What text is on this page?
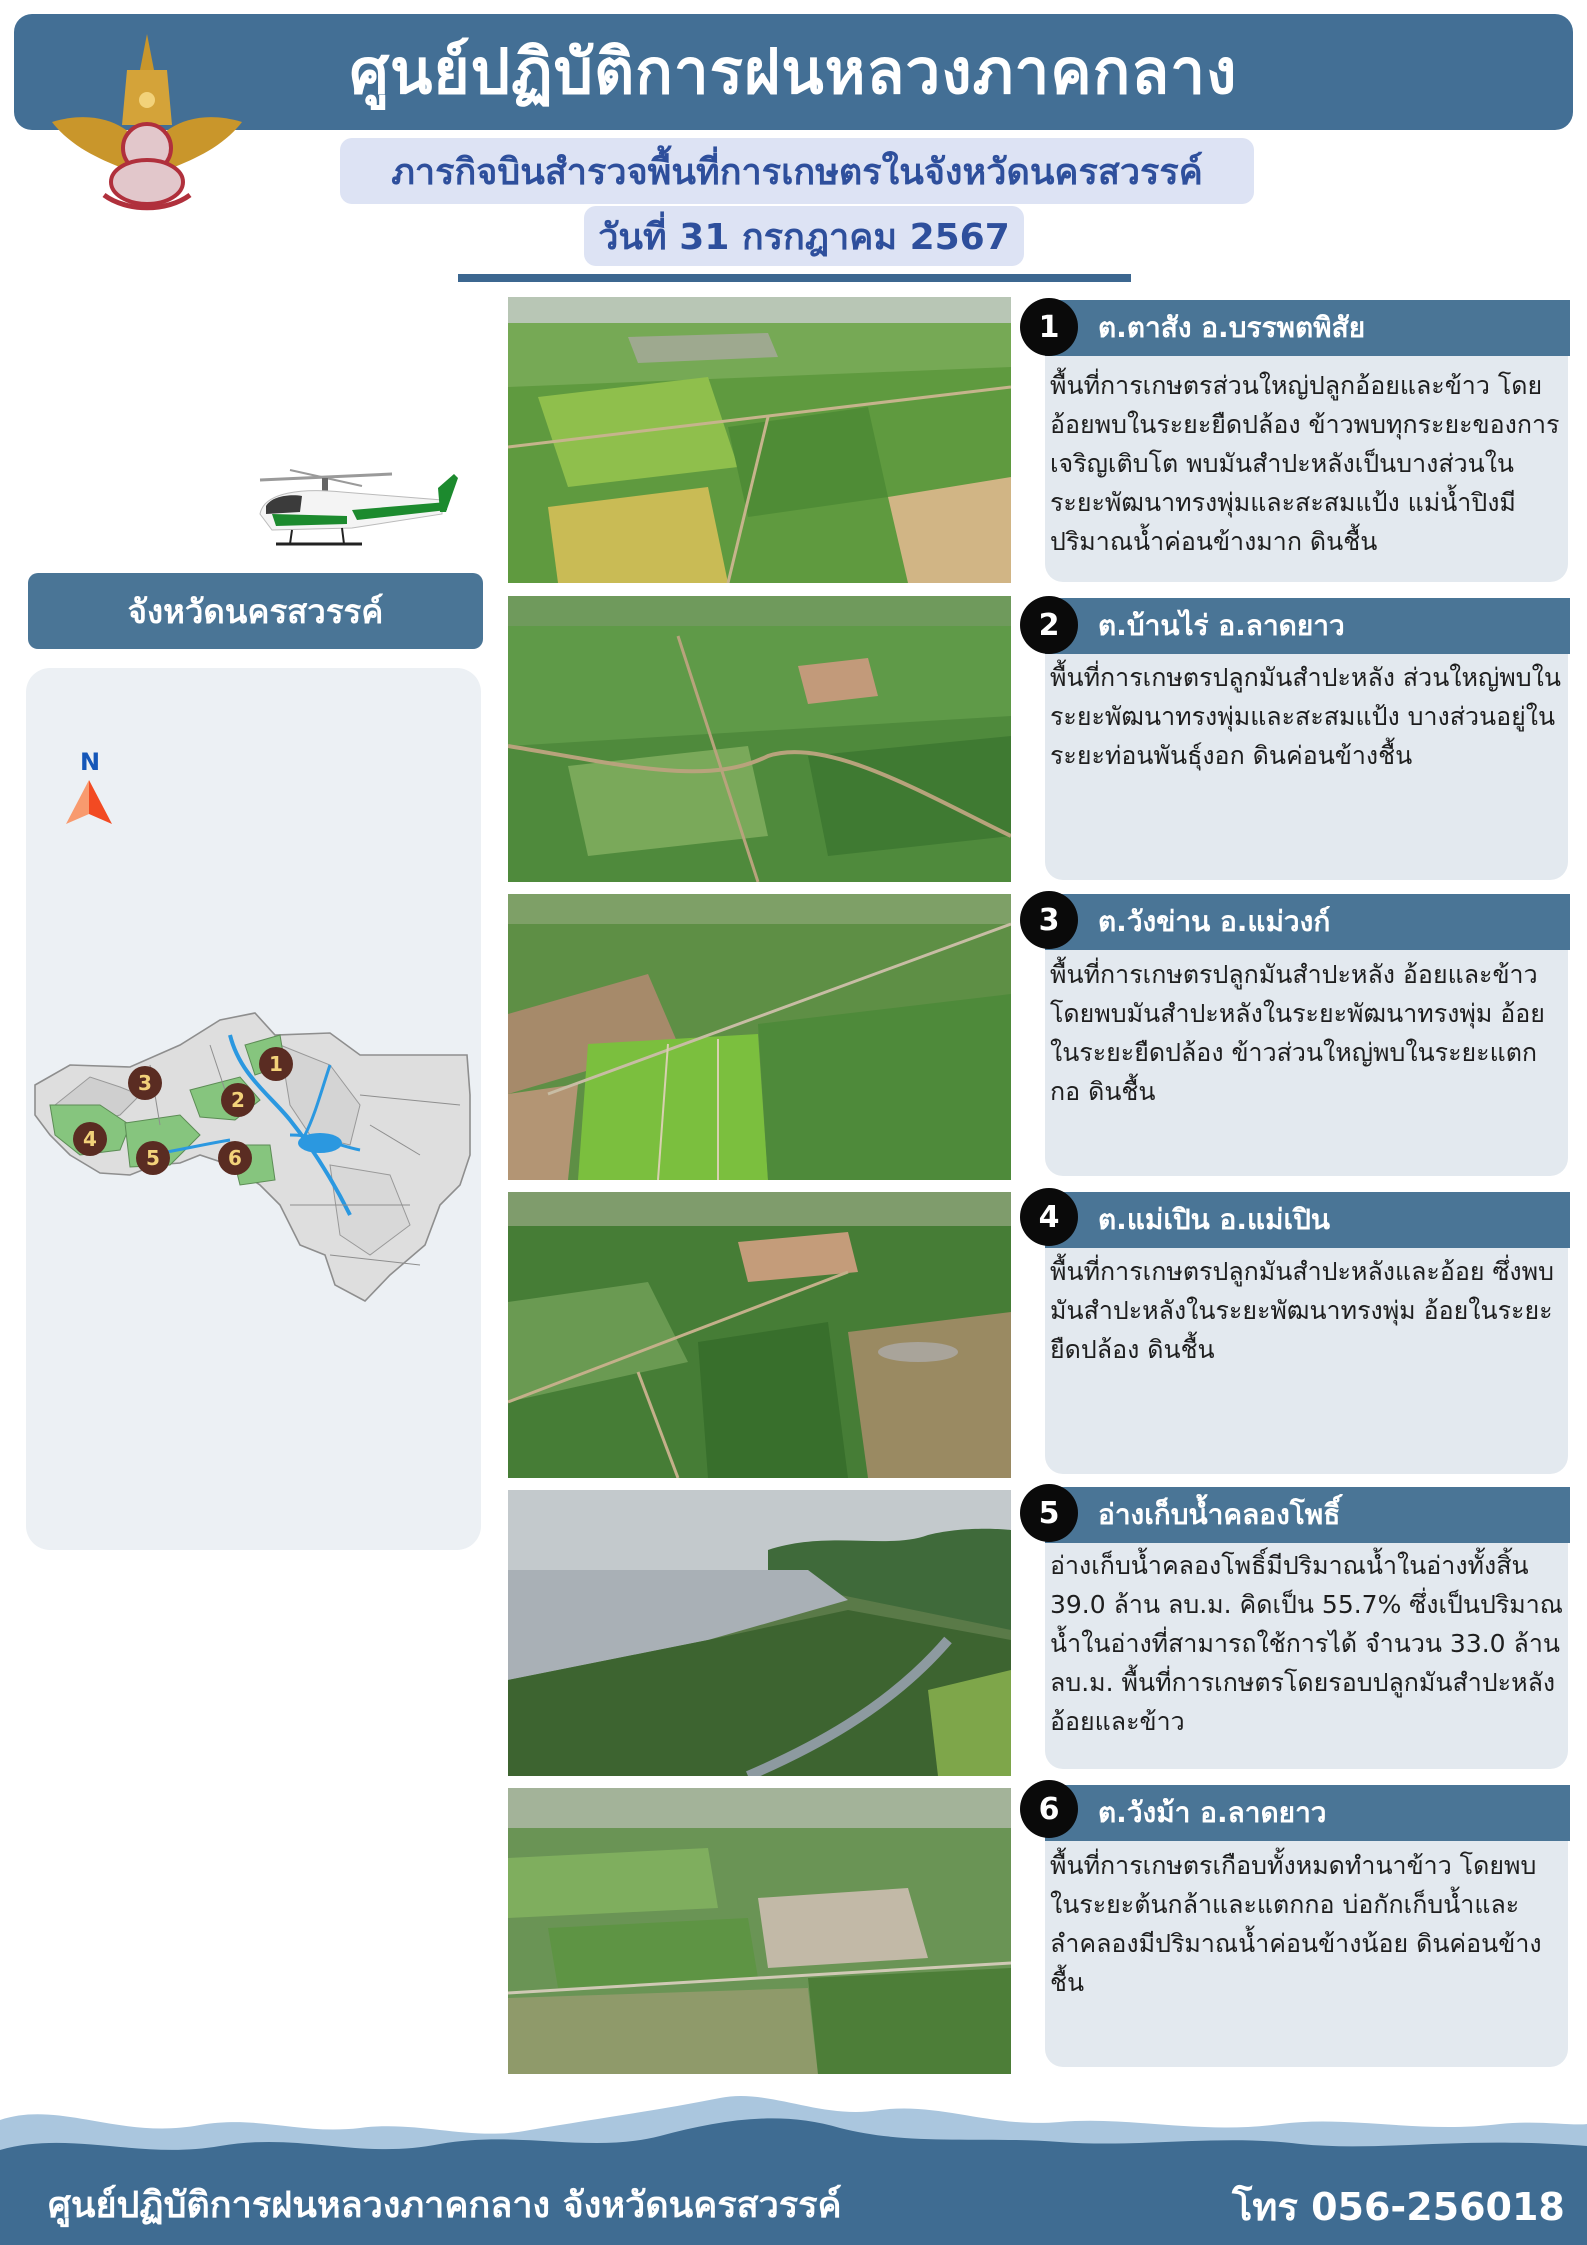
ศูนย์ปฏิบัติการฝนหลวงภาคกลาง
ภารกิจบินสำรวจพื้นที่การเกษตรในจังหวัดนครสวรรค์
วันที่ 31 กรกฎาคม 2567
จังหวัดนครสวรรค์
N
1
2
3
4
5	6
1	ต.ตาสัง อ.บรรพตพิสัย
พื้นที่การเกษตรส่วนใหญ่ปลูกอ้อยและข้าว โดยอ้อยพบในระยะยืดปล้อง ข้าวพบทุกระยะของการเจริญเติบโต พบมันสำปะหลังเป็นบางส่วนในระยะพัฒนาทรงพุ่มและสะสมแป้ง แม่น้ำปิงมีปริมาณน้ำค่อนข้างมาก ดินชื้น
2	ต.บ้านไร่ อ.ลาดยาว
พื้นที่การเกษตรปลูกมันสำปะหลัง ส่วนใหญ่พบในระยะพัฒนาทรงพุ่มและสะสมแป้ง บางส่วนอยู่ในระยะท่อนพันธุ์งอก ดินค่อนข้างชื้น
3	ต.วังข่าน อ.แม่วงก์
พื้นที่การเกษตรปลูกมันสำปะหลัง อ้อยและข้าว โดยพบมันสำปะหลังในระยะพัฒนาทรงพุ่ม อ้อยในระยะยืดปล้อง ข้าวส่วนใหญ่พบในระยะแตกกอ ดินชื้น
4	ต.แม่เปิน อ.แม่เปิน
พื้นที่การเกษตรปลูกมันสำปะหลังและอ้อย ซึ่งพบมันสำปะหลังในระยะพัฒนาทรงพุ่ม อ้อยในระยะยืดปล้อง ดินชื้น
5	อ่างเก็บน้ำคลองโพธิ์
อ่างเก็บน้ำคลองโพธิ์มีปริมาณน้ำในอ่างทั้งสิ้น 39.0 ล้าน ลบ.ม. คิดเป็น 55.7% ซึ่งเป็นปริมาณน้ำในอ่างที่สามารถใช้การได้ จำนวน 33.0 ล้าน ลบ.ม. พื้นที่การเกษตรโดยรอบปลูกมันสำปะหลัง อ้อยและข้าว
6	ต.วังม้า อ.ลาดยาว
พื้นที่การเกษตรเกือบทั้งหมดทำนาข้าว โดยพบในระยะต้นกล้าและแตกกอ บ่อกักเก็บน้ำและลำคลองมีปริมาณน้ำค่อนข้างน้อย ดินค่อนข้างชื้น
ศูนย์ปฏิบัติการฝนหลวงภาคกลาง จังหวัดนครสวรรค์	โทร 056-256018
